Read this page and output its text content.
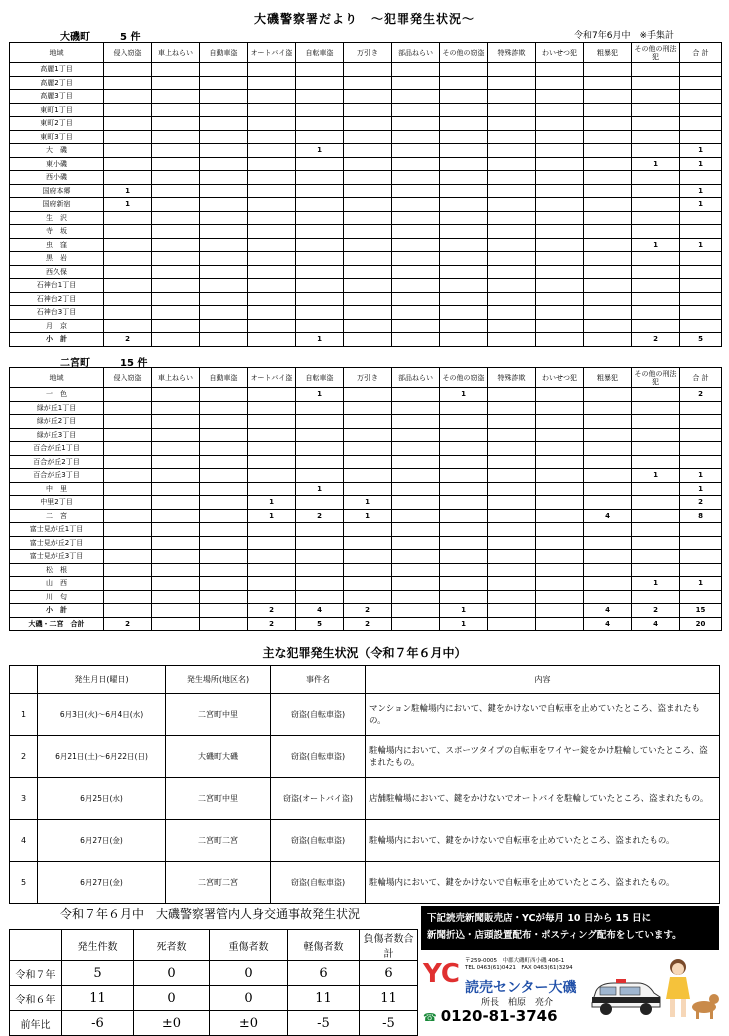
大磯警察署だより　～犯罪発生状況～
大磯町　　　5 件	令和7年6月中　※手集計
地域	侵入窃盗	車上ねらい	自動車盗	オートバイ盗	自転車盗	万引き	部品ねらい	その他の窃盗	特殊詐欺	わいせつ犯	粗暴犯	その他の刑法犯	合 計
高麗1丁目													
高麗2丁目													
高麗3丁目													
東町1丁目													
東町2丁目													
東町3丁目													
大　磯					1								1
東小磯												1	1
西小磯													
国府本郷	1												1
国府新宿	1												1
生　沢													
寺　坂													
虫　窪												1	1
黒　岩													
西久保													
石神台1丁目													
石神台2丁目													
石神台3丁目													
月　京													
小　計	2				1							2	5
二宮町　　　15 件
地域	侵入窃盗	車上ねらい	自動車盗	オートバイ盗	自転車盗	万引き	部品ねらい	その他の窃盗	特殊詐欺	わいせつ犯	粗暴犯	その他の刑法犯	合 計
一　色					1			1					2
緑が丘1丁目													
緑が丘2丁目													
緑が丘3丁目													
百合が丘1丁目													
百合が丘2丁目													
百合が丘3丁目												1	1
中　里					1								1
中里2丁目				1		1							2
二　宮				1	2	1					4		8
富士見が丘1丁目													
富士見が丘2丁目													
富士見が丘3丁目													
松　根													
山　西												1	1
川　匂													
小　計				2	4	2		1			4	2	15
大磯・二宮　合計	2			2	5	2		1			4	4	20
主な犯罪発生状況（令和７年６月中）
	発生月日(曜日)	発生場所(地区名)	事件名	内容
1	6月3日(火)～6月4日(水)	二宮町中里	窃盗(自転車盗)	マンション駐輪場内において、鍵をかけないで自転車を止めていたところ、盗まれたもの。
2	6月21日(土)～6月22日(日)	大磯町大磯	窃盗(自転車盗)	駐輪場内において、スポーツタイプの自転車をワイヤー錠をかけ駐輪していたところ、盗まれたもの。
3	6月25日(水)	二宮町中里	窃盗(オートバイ盗)	店舗駐輪場において、鍵をかけないでオートバイを駐輪していたところ、盗まれたもの。
4	6月27日(金)	二宮町二宮	窃盗(自転車盗)	駐輪場内において、鍵をかけないで自転車を止めていたところ、盗まれたもの。
5	6月27日(金)	二宮町二宮	窃盗(自転車盗)	駐輪場内において、鍵をかけないで自転車を止めていたところ、盗まれたもの。
令和７年６月中　大磯警察署管内人身交通事故発生状況
	発生件数	死者数	重傷者数	軽傷者数	負傷者数合計
令和７年	5	0	0	6	6
令和６年	11	0	0	11	11
前年比	-6	±0	±0	-5	-5
下記読売新聞販売店・YCが毎月 10 日から 15 日に
新聞折込・店頭設置配布・ポスティング配布をしています。
YC 〒259-0005　中郡大磯町西小磯 406-1
TEL 0463(61)0421　FAX 0463(61)3294
読売センター大磯
所長　柏原　亮介
☎ 0120-81-3746
